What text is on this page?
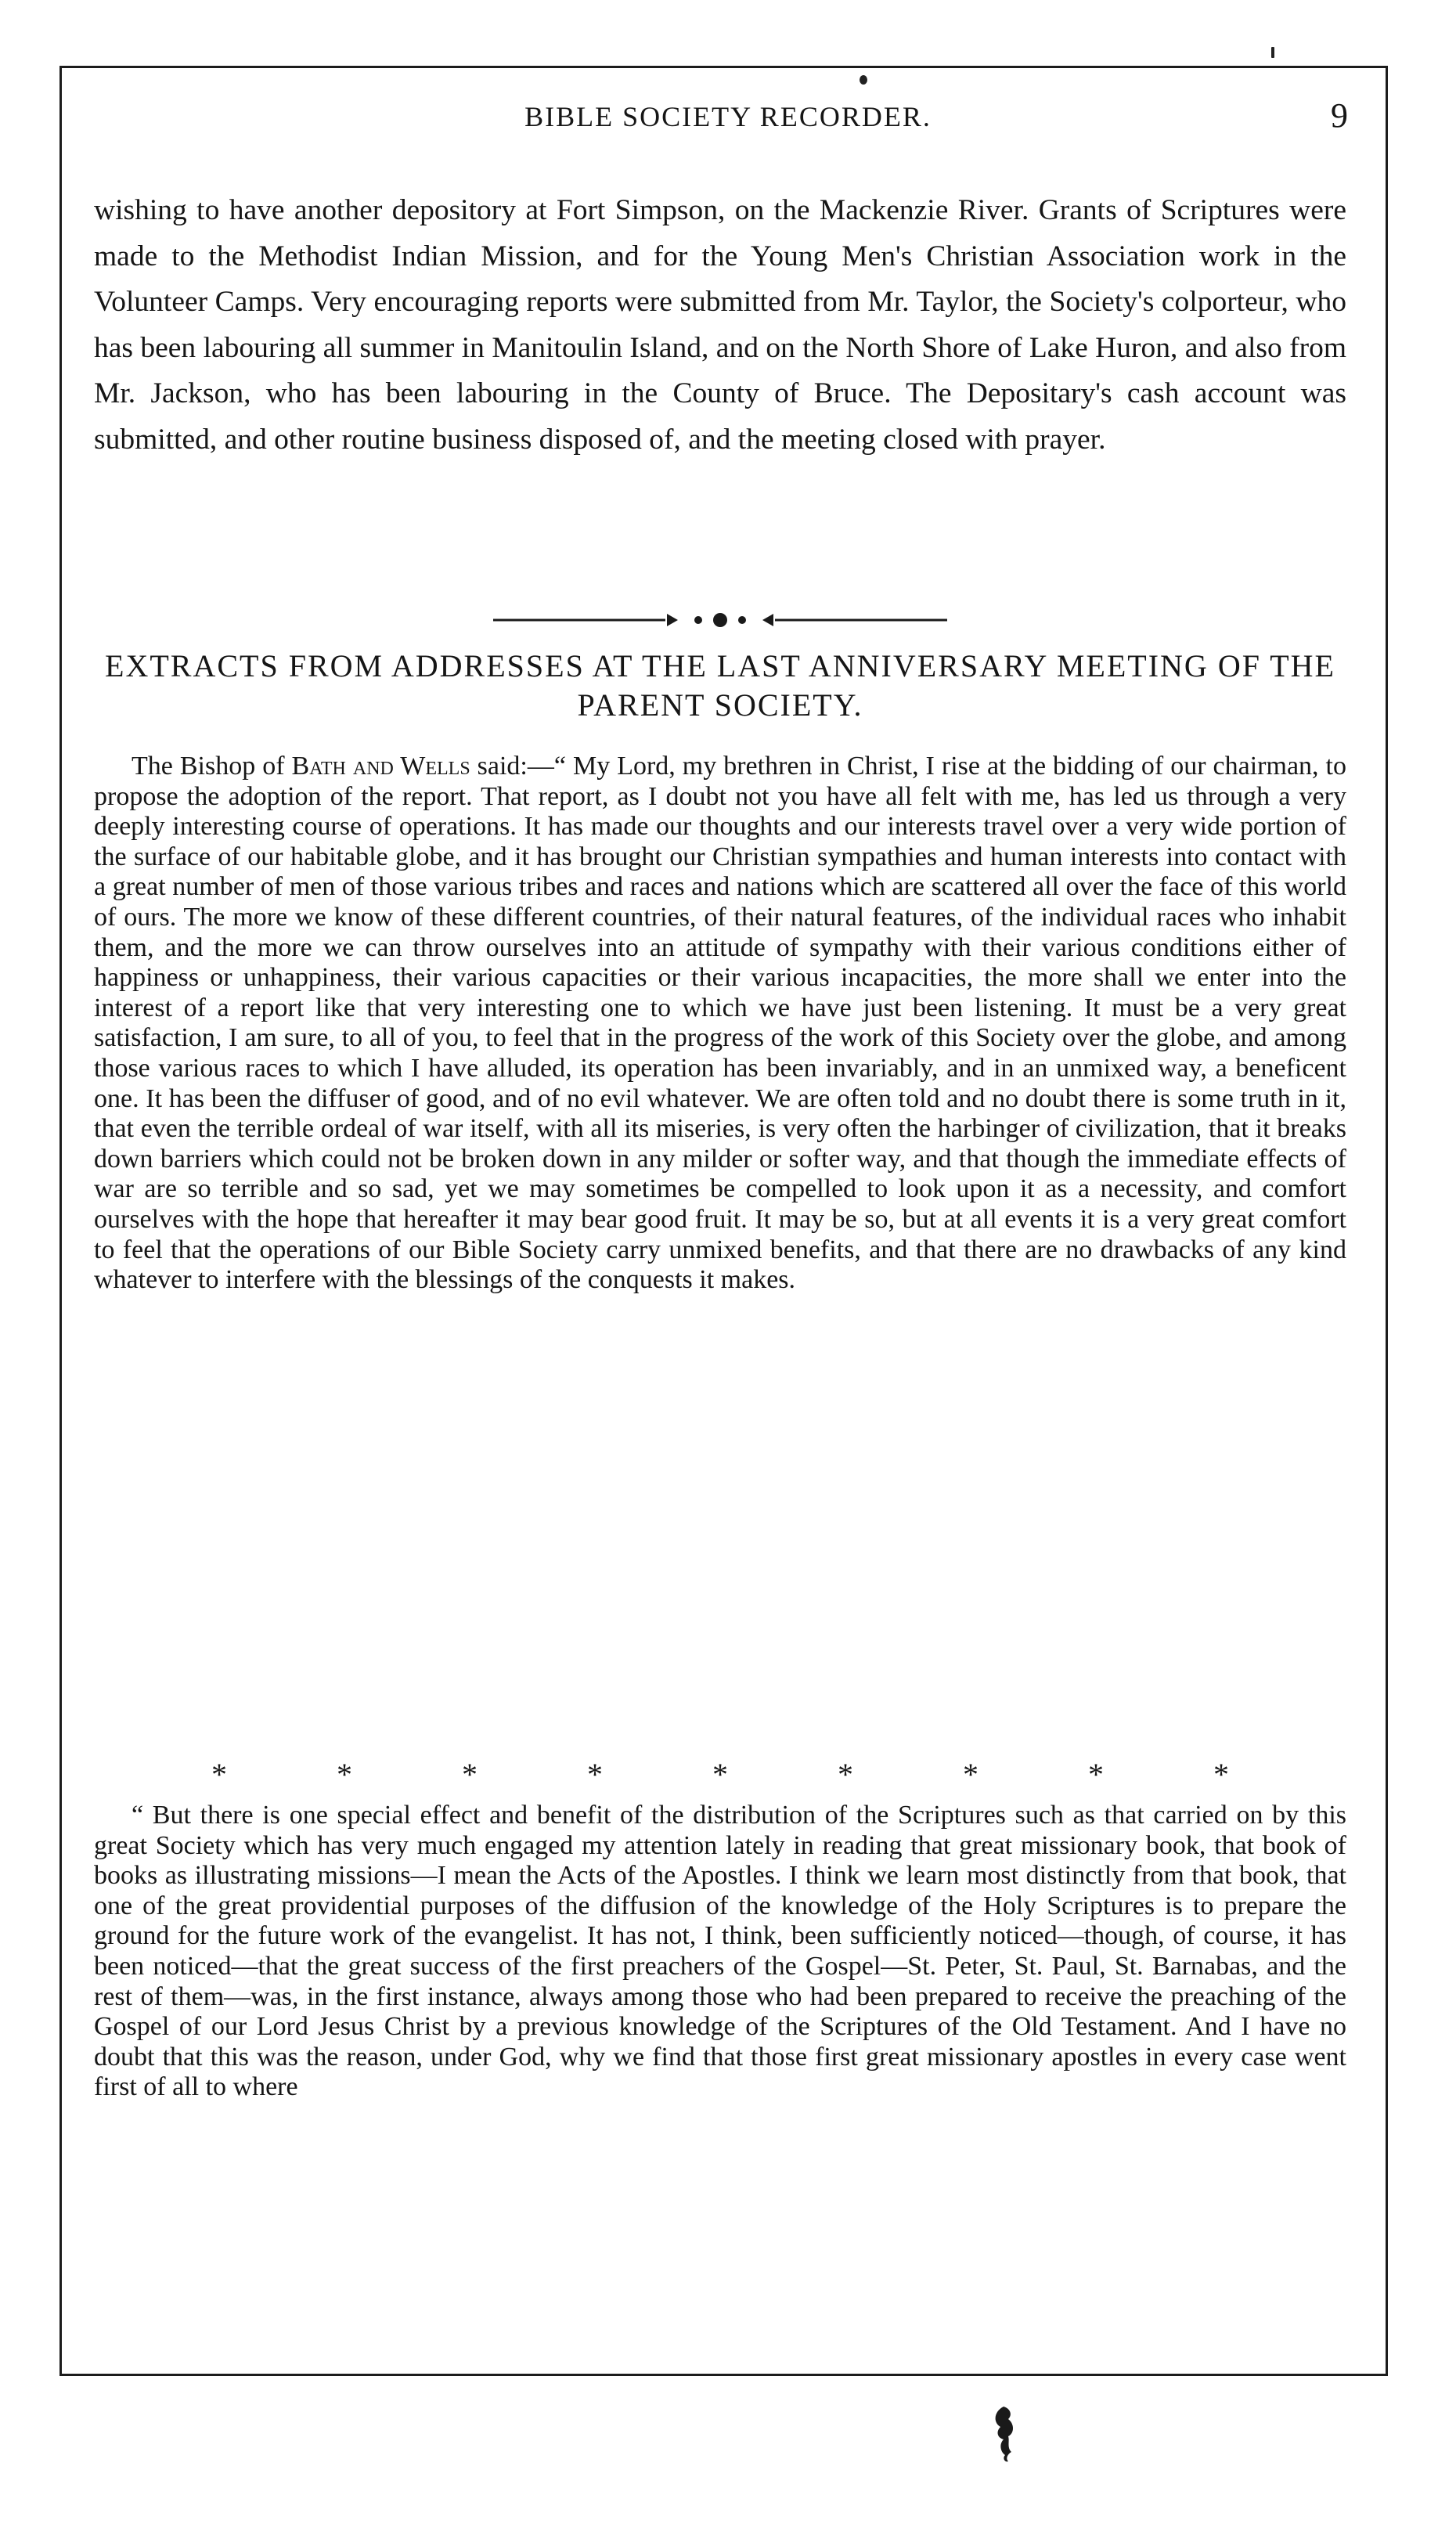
BIBLE SOCIETY RECORDER.	9

wishing to have another depository at Fort Simpson, on the Mackenzie River. Grants of Scriptures were made to the Methodist Indian Mission, and for the Young Men's Christian Association work in the Volunteer Camps. Very encouraging reports were submitted from Mr. Taylor, the Society's colporteur, who has been labouring all summer in Manitoulin Island, and on the North Shore of Lake Huron, and also from Mr. Jackson, who has been labouring in the County of Bruce. The Depositary's cash account was submitted, and other routine business disposed of, and the meeting closed with prayer.

EXTRACTS FROM ADDRESSES AT THE LAST ANNIVERSARY MEETING OF THE PARENT SOCIETY.

The Bishop of Bath and Wells said:—“ My Lord, my brethren in Christ, I rise at the bidding of our chairman, to propose the adoption of the report. That report, as I doubt not you have all felt with me, has led us through a very deeply interesting course of operations. It has made our thoughts and our interests travel over a very wide portion of the surface of our habitable globe, and it has brought our Christian sympathies and human interests into contact with a great number of men of those various tribes and races and nations which are scattered all over the face of this world of ours. The more we know of these different countries, of their natural features, of the individual races who inhabit them, and the more we can throw ourselves into an attitude of sympathy with their various conditions either of happiness or unhappiness, their various capacities or their various incapacities, the more shall we enter into the interest of a report like that very interesting one to which we have just been listening. It must be a very great satisfaction, I am sure, to all of you, to feel that in the progress of the work of this Society over the globe, and among those various races to which I have alluded, its operation has been invariably, and in an unmixed way, a beneficent one. It has been the diffuser of good, and of no evil whatever. We are often told and no doubt there is some truth in it, that even the terrible ordeal of war itself, with all its miseries, is very often the harbinger of civilization, that it breaks down barriers which could not be broken down in any milder or softer way, and that though the immediate effects of war are so terrible and so sad, yet we may sometimes be compelled to look upon it as a necessity, and comfort ourselves with the hope that hereafter it may bear good fruit. It may be so, but at all events it is a very great comfort to feel that the operations of our Bible Society carry unmixed benefits, and that there are no drawbacks of any kind whatever to interfere with the blessings of the conquests it makes.

*	*	*	*	*	*	*	*	*

“ But there is one special effect and benefit of the distribution of the Scriptures such as that carried on by this great Society which has very much engaged my attention lately in reading that great missionary book, that book of books as illustrating missions—I mean the Acts of the Apostles. I think we learn most distinctly from that book, that one of the great providential purposes of the diffusion of the knowledge of the Holy Scriptures is to prepare the ground for the future work of the evangelist. It has not, I think, been sufficiently noticed—though, of course, it has been noticed—that the great success of the first preachers of the Gospel—St. Peter, St. Paul, St. Barnabas, and the rest of them—was, in the first instance, always among those who had been prepared to receive the preaching of the Gospel of our Lord Jesus Christ by a previous knowledge of the Scriptures of the Old Testament. And I have no doubt that this was the reason, under God, why we find that those first great missionary apostles in every case went first of all to where
